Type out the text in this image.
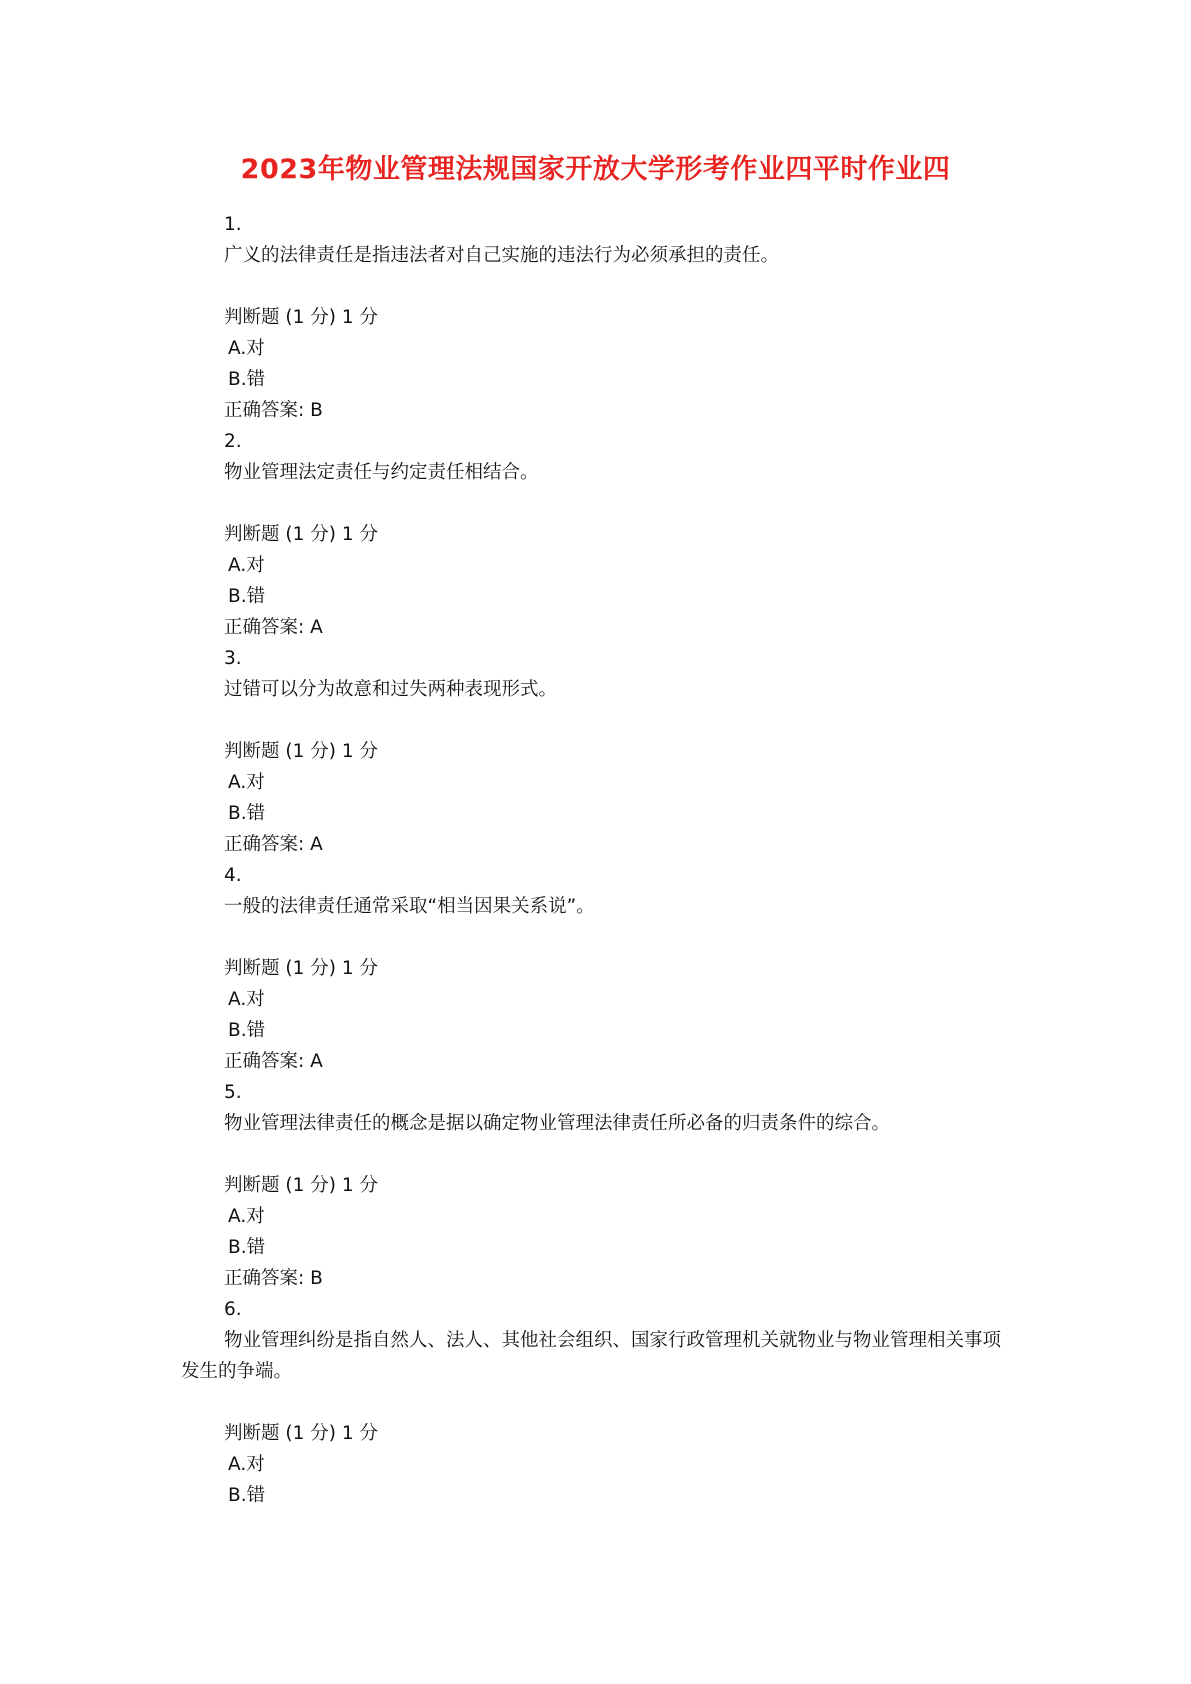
2023年物业管理法规国家开放大学形考作业四平时作业四
1.
广义的法律责任是指违法者对自己实施的违法行为必须承担的责任。
判断题 (1 分) 1 分
A.对
B.错
正确答案: B
2.
物业管理法定责任与约定责任相结合。
判断题 (1 分) 1 分
A.对
B.错
正确答案: A
3.
过错可以分为故意和过失两种表现形式。
判断题 (1 分) 1 分
A.对
B.错
正确答案: A
4.
一般的法律责任通常采取“相当因果关系说”。
判断题 (1 分) 1 分
A.对
B.错
正确答案: A
5.
物业管理法律责任的概念是据以确定物业管理法律责任所必备的归责条件的综合。
判断题 (1 分) 1 分
A.对
B.错
正确答案: B
6.
物业管理纠纷是指自然人、法人、其他社会组织、国家行政管理机关就物业与物业管理相关事项发生的争端。
判断题 (1 分) 1 分
A.对
B.错
